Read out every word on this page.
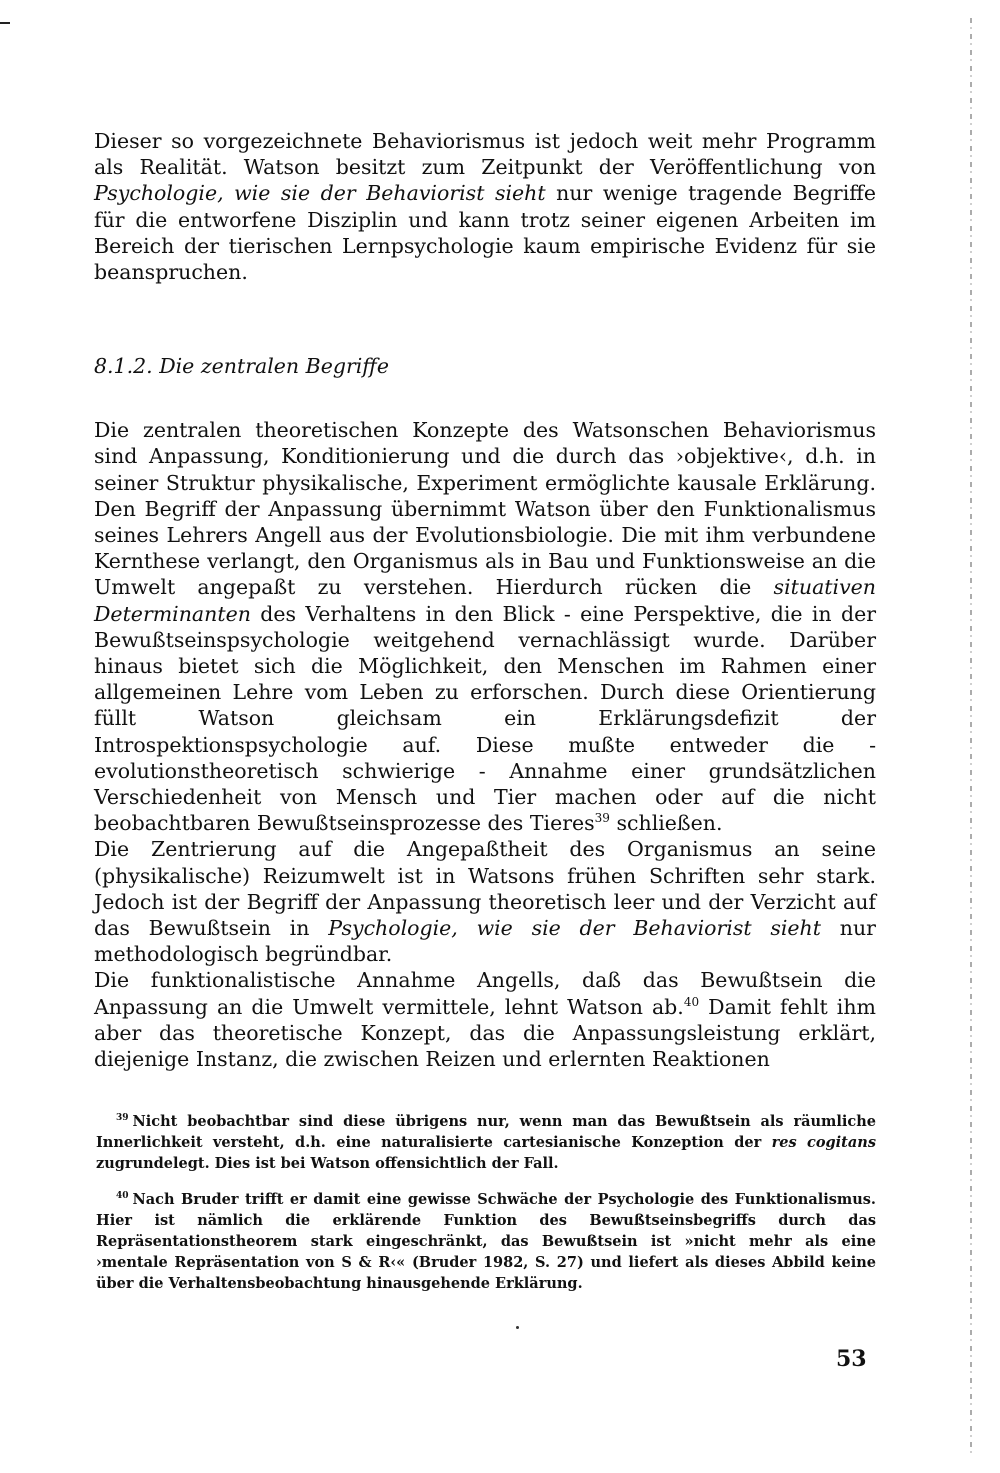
Dieser so vorgezeichnete Behaviorismus ist jedoch weit mehr Programm als Realität. Watson besitzt zum Zeitpunkt der Veröffentlichung von Psychologie, wie sie der Behaviorist sieht nur wenige tragende Begriffe für die entworfene Disziplin und kann trotz seiner eigenen Arbeiten im Bereich der tierischen Lernpsychologie kaum empirische Evidenz für sie beanspruchen.

8.1.2. Die zentralen Begriffe

Die zentralen theoretischen Konzepte des Watsonschen Behaviorismus sind Anpassung, Konditionierung und die durch das ›objektive‹, d.h. in seiner Struktur physikalische, Experiment ermöglichte kausale Erklärung. Den Begriff der Anpassung übernimmt Watson über den Funktionalismus seines Lehrers Angell aus der Evolutionsbiologie. Die mit ihm verbundene Kernthese verlangt, den Organismus als in Bau und Funktionsweise an die Umwelt angepaßt zu verstehen. Hierdurch rücken die situativen Determinanten des Verhaltens in den Blick - eine Perspektive, die in der Bewußtseinspsychologie weitgehend vernachlässigt wurde. Darüber hinaus bietet sich die Möglichkeit, den Menschen im Rahmen einer allgemeinen Lehre vom Leben zu erforschen. Durch diese Orientierung füllt Watson gleichsam ein Erklärungsdefizit der Introspektionspsychologie auf. Diese mußte entweder die - evolutionstheoretisch schwierige - Annahme einer grundsätzlichen Verschiedenheit von Mensch und Tier machen oder auf die nicht beobachtbaren Bewußtseinsprozesse des Tieres$^{39}$ schließen.

Die Zentrierung auf die Angepaßtheit des Organismus an seine (physikalische) Reizumwelt ist in Watsons frühen Schriften sehr stark. Jedoch ist der Begriff der Anpassung theoretisch leer und der Verzicht auf das Bewußtsein in Psychologie, wie sie der Behaviorist sieht nur methodologisch begründbar.

Die funktionalistische Annahme Angells, daß das Bewußtsein die Anpassung an die Umwelt vermittele, lehnt Watson ab.$^{40}$ Damit fehlt ihm aber das theoretische Konzept, das die Anpassungsleistung erklärt, diejenige Instanz, die zwischen Reizen und erlernten Reaktionen

$^{39}$ Nicht beobachtbar sind diese übrigens nur, wenn man das Bewußtsein als räumliche Innerlichkeit versteht, d.h. eine naturalisierte cartesianische Konzeption der res cogitans zugrundelegt. Dies ist bei Watson offensichtlich der Fall.

$^{40}$ Nach Bruder trifft er damit eine gewisse Schwäche der Psychologie des Funktionalismus. Hier ist nämlich die erklärende Funktion des Bewußtseinsbegriffs durch das Repräsentationstheorem stark eingeschränkt, das Bewußtsein ist »nicht mehr als eine ›mentale Repräsentation von S & R‹« (Bruder 1982, S. 27) und liefert als dieses Abbild keine über die Verhaltensbeobachtung hinausgehende Erklärung.

53
